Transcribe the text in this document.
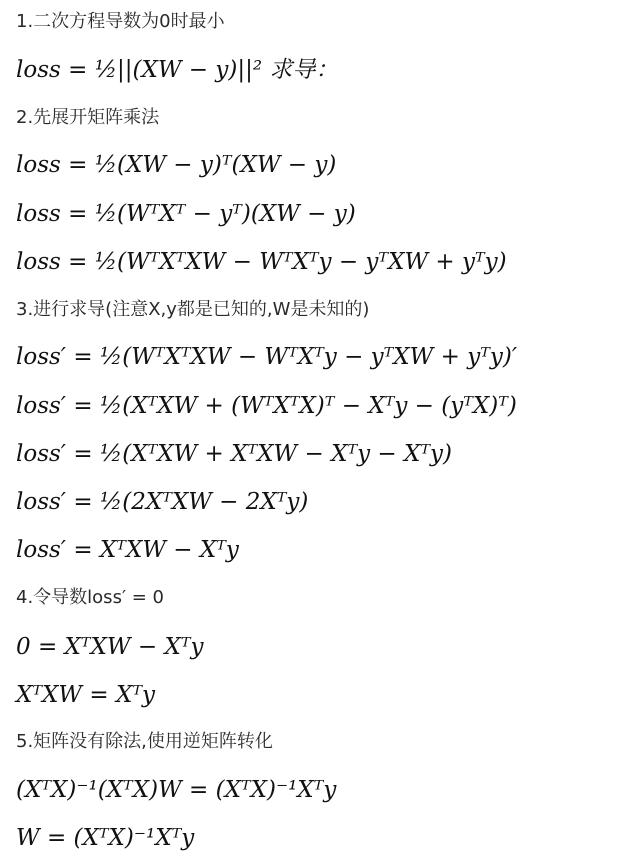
1.二次方程导数为0时最小
loss = ½||(XW − y)||² 求导：
2.先展开矩阵乘法
loss = ½(XW − y)ᵀ(XW − y)
loss = ½(WᵀXᵀ − yᵀ)(XW − y)
loss = ½(WᵀXᵀXW − WᵀXᵀy − yᵀXW + yᵀy)
3.进行求导(注意X,y都是已知的,W是未知的)
loss′ = ½(WᵀXᵀXW − WᵀXᵀy − yᵀXW + yᵀy)′
loss′ = ½(XᵀXW + (WᵀXᵀX)ᵀ − Xᵀy − (yᵀX)ᵀ)
loss′ = ½(XᵀXW + XᵀXW − Xᵀy − Xᵀy)
loss′ = ½(2XᵀXW − 2Xᵀy)
loss′ = XᵀXW − Xᵀy
4.令导数loss′ = 0
0 = XᵀXW − Xᵀy
XᵀXW = Xᵀy
5.矩阵没有除法,使用逆矩阵转化
(XᵀX)⁻¹(XᵀX)W = (XᵀX)⁻¹Xᵀy
W = (XᵀX)⁻¹Xᵀy
